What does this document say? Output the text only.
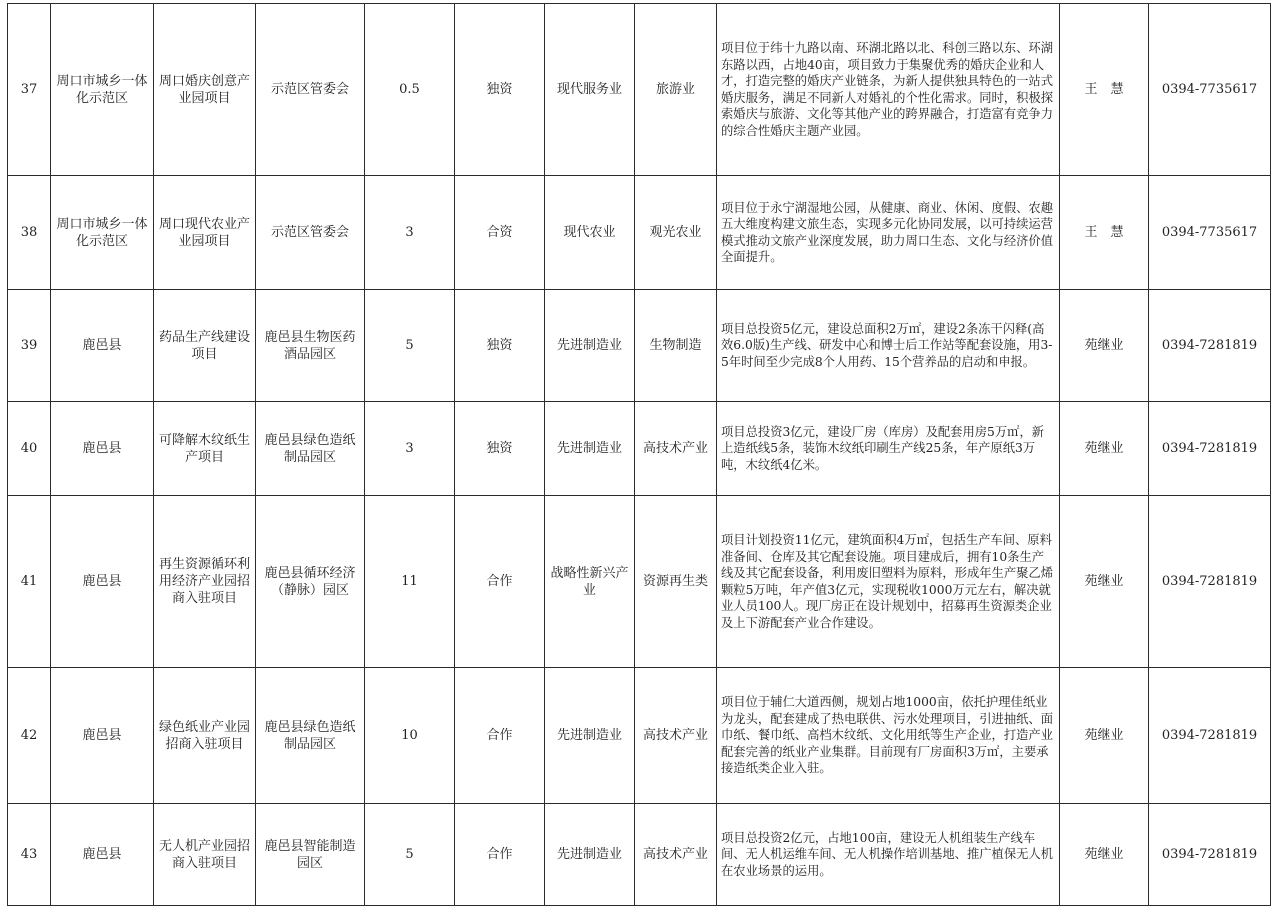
37	周口市城乡一体化示范区	周口婚庆创意产业园项目	示范区管委会	0.5	独资	现代服务业	旅游业	项目位于纬十九路以南、环湖北路以北、科创三路以东、环湖东路以西，占地40亩，项目致力于集聚优秀的婚庆企业和人才，打造完整的婚庆产业链条，为新人提供独具特色的一站式婚庆服务，满足不同新人对婚礼的个性化需求。同时，积极探索婚庆与旅游、文化等其他产业的跨界融合，打造富有竞争力的综合性婚庆主题产业园。	王　慧	0394-7735617
38	周口市城乡一体化示范区	周口现代农业产业园项目	示范区管委会	3	合资	现代农业	观光农业	项目位于永宁湖湿地公园，从健康、商业、休闲、度假、农趣五大维度构建文旅生态，实现多元化协同发展，以可持续运营模式推动文旅产业深度发展，助力周口生态、文化与经济价值全面提升。	王　慧	0394-7735617
39	鹿邑县	药品生产线建设项目	鹿邑县生物医药酒品园区	5	独资	先进制造业	生物制造	项目总投资5亿元，建设总面积2万㎡，建设2条冻干闪释(高效6.0版)生产线、研发中心和博士后工作站等配套设施，用3-5年时间至少完成8个人用药、15个营养品的启动和申报。	苑继业	0394-7281819
40	鹿邑县	可降解木纹纸生产项目	鹿邑县绿色造纸制品园区	3	独资	先进制造业	高技术产业	项目总投资3亿元，建设厂房（库房）及配套用房5万㎡，新上造纸线5条，装饰木纹纸印刷生产线25条，年产原纸3万吨，木纹纸4亿米。	苑继业	0394-7281819
41	鹿邑县	再生资源循环利用经济产业园招商入驻项目	鹿邑县循环经济（静脉）园区	11	合作	战略性新兴产业	资源再生类	项目计划投资11亿元，建筑面积4万㎡，包括生产车间、原料准备间、仓库及其它配套设施。项目建成后，拥有10条生产线及其它配套设备，利用废旧塑料为原料，形成年生产聚乙烯颗粒5万吨，年产值3亿元，实现税收1000万元左右，解决就业人员100人。现厂房正在设计规划中，招募再生资源类企业及上下游配套产业合作建设。	苑继业	0394-7281819
42	鹿邑县	绿色纸业产业园招商入驻项目	鹿邑县绿色造纸制品园区	10	合作	先进制造业	高技术产业	项目位于辅仁大道西侧，规划占地1000亩，依托护理佳纸业为龙头，配套建成了热电联供、污水处理项目，引进抽纸、面巾纸、餐巾纸、高档木纹纸、文化用纸等生产企业，打造产业配套完善的纸业产业集群。目前现有厂房面积3万㎡，主要承接造纸类企业入驻。	苑继业	0394-7281819
43	鹿邑县	无人机产业园招商入驻项目	鹿邑县智能制造园区	5	合作	先进制造业	高技术产业	项目总投资2亿元，占地100亩，建设无人机组装生产线车间、无人机运维车间、无人机操作培训基地、推广植保无人机在农业场景的运用。	苑继业	0394-7281819
